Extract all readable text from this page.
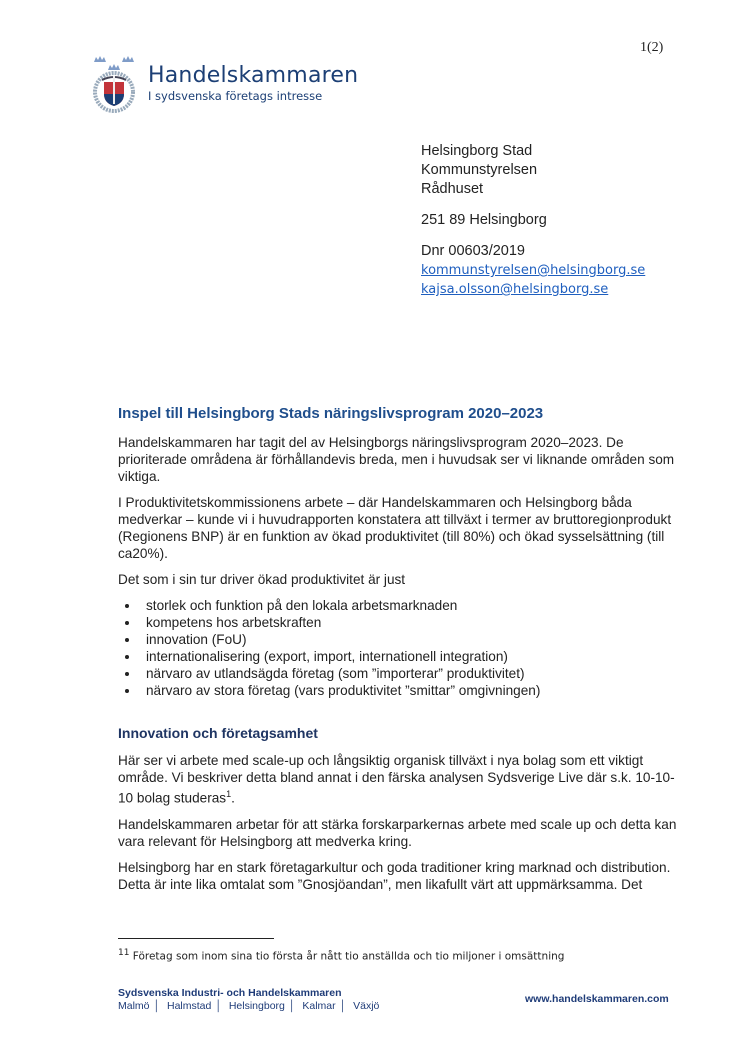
1(2)
Handelskammaren
I sydsvenska företags intresse
Helsingborg Stad
Kommunstyrelsen
Rådhuset
251 89 Helsingborg
Dnr 00603/2019
kommunstyrelsen@helsingborg.se
kajsa.olsson@helsingborg.se
Inspel till Helsingborg Stads näringslivsprogram 2020–2023

Handelskammaren har tagit del av Helsingborgs näringslivsprogram 2020–2023. De prioriterade områdena är förhållandevis breda, men i huvudsak ser vi liknande områden som viktiga.

I Produktivitetskommissionens arbete – där Handelskammaren och Helsingborg båda medverkar – kunde vi i huvudrapporten konstatera att tillväxt i termer av bruttoregionprodukt (Regionens BNP) är en funktion av ökad produktivitet (till 80%) och ökad sysselsättning (till ca20%).

Det som i sin tur driver ökad produktivitet är just

• storlek och funktion på den lokala arbetsmarknaden
• kompetens hos arbetskraften
• innovation (FoU)
• internationalisering (export, import, internationell integration)
• närvaro av utlandsägda företag (som ”importerar” produktivitet)
• närvaro av stora företag (vars produktivitet ”smittar” omgivningen)
Innovation och företagsamhet

Här ser vi arbete med scale-up och långsiktig organisk tillväxt i nya bolag som ett viktigt område. Vi beskriver detta bland annat i den färska analysen Sydsverige Live där s.k. 10-10-10 bolag studeras$^1$.

Handelskammaren arbetar för att stärka forskarparkernas arbete med scale up och detta kan vara relevant för Helsingborg att medverka kring.

Helsingborg har en stark företagarkultur och goda traditioner kring marknad och distribution. Detta är inte lika omtalat som ”Gnosjöandan”, men likafullt värt att uppmärksamma. Det

$^{11}$ Företag som inom sina tio första år nått tio anställda och tio miljoner i omsättning
Sydsvenska Industri- och Handelskammaren
Malmö │ Halmstad │ Helsingborg │ Kalmar │ Växjö
www.handelskammaren.com
